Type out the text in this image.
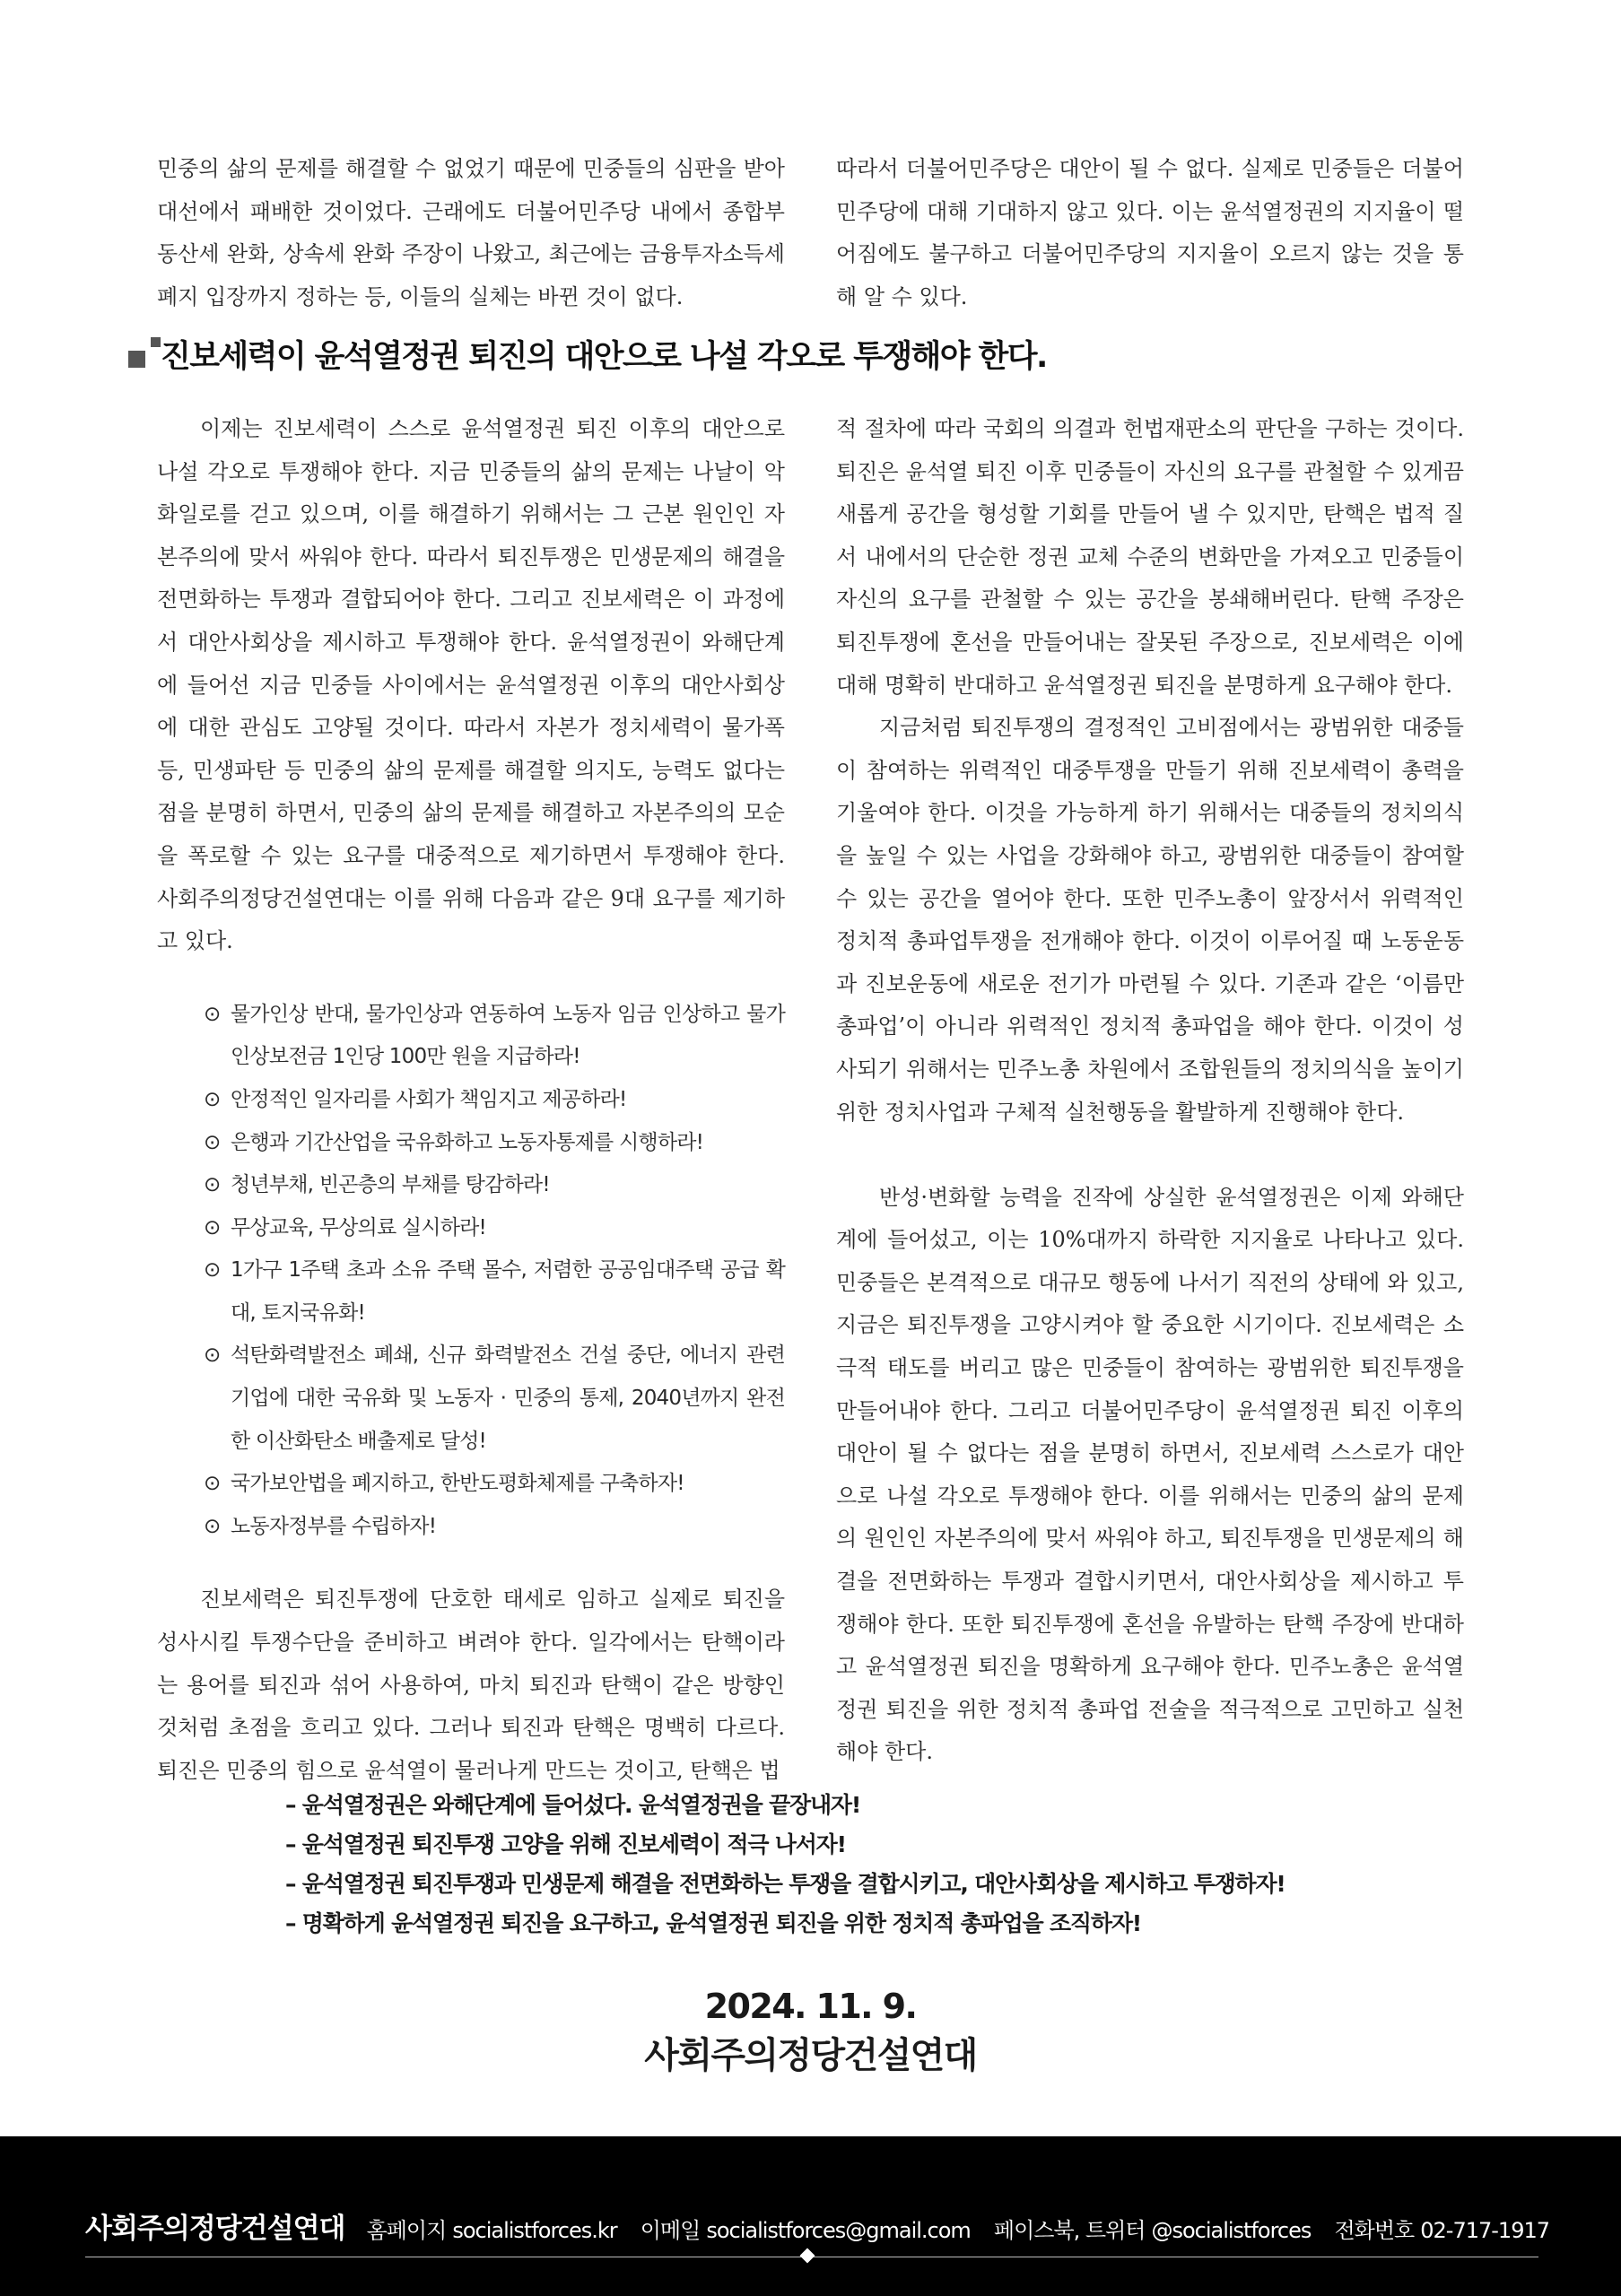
민중의 삶의 문제를 해결할 수 없었기 때문에 민중들의 심판을 받아 대선에서 패배한 것이었다. 근래에도 더불어민주당 내에서 종합부동산세 완화, 상속세 완화 주장이 나왔고, 최근에는 금융투자소득세 폐지 입장까지 정하는 등, 이들의 실체는 바뀐 것이 없다.

따라서 더불어민주당은 대안이 될 수 없다. 실제로 민중들은 더불어민주당에 대해 기대하지 않고 있다. 이는 윤석열정권의 지지율이 떨어짐에도 불구하고 더불어민주당의 지지율이 오르지 않는 것을 통해 알 수 있다.

진보세력이 윤석열정권 퇴진의 대안으로 나설 각오로 투쟁해야 한다.

이제는 진보세력이 스스로 윤석열정권 퇴진 이후의 대안으로 나설 각오로 투쟁해야 한다. 지금 민중들의 삶의 문제는 나날이 악화일로를 걷고 있으며, 이를 해결하기 위해서는 그 근본 원인인 자본주의에 맞서 싸워야 한다. 따라서 퇴진투쟁은 민생문제의 해결을 전면화하는 투쟁과 결합되어야 한다. 그리고 진보세력은 이 과정에서 대안사회상을 제시하고 투쟁해야 한다. 윤석열정권이 와해단계에 들어선 지금 민중들 사이에서는 윤석열정권 이후의 대안사회상에 대한 관심도 고양될 것이다. 따라서 자본가 정치세력이 물가폭등, 민생파탄 등 민중의 삶의 문제를 해결할 의지도, 능력도 없다는 점을 분명히 하면서, 민중의 삶의 문제를 해결하고 자본주의의 모순을 폭로할 수 있는 요구를 대중적으로 제기하면서 투쟁해야 한다. 사회주의정당건설연대는 이를 위해 다음과 같은 9대 요구를 제기하고 있다.

⊙ 물가인상 반대, 물가인상과 연동하여 노동자 임금 인상하고 물가인상보전금 1인당 100만 원을 지급하라!
⊙ 안정적인 일자리를 사회가 책임지고 제공하라!
⊙ 은행과 기간산업을 국유화하고 노동자통제를 시행하라!
⊙ 청년부채, 빈곤층의 부채를 탕감하라!
⊙ 무상교육, 무상의료 실시하라!
⊙ 1가구 1주택 초과 소유 주택 몰수, 저렴한 공공임대주택 공급 확대, 토지국유화!
⊙ 석탄화력발전소 폐쇄, 신규 화력발전소 건설 중단, 에너지 관련 기업에 대한 국유화 및 노동자 · 민중의 통제, 2040년까지 완전한 이산화탄소 배출제로 달성!
⊙ 국가보안법을 폐지하고, 한반도평화체제를 구축하자!
⊙ 노동자정부를 수립하자!

진보세력은 퇴진투쟁에 단호한 태세로 임하고 실제로 퇴진을 성사시킬 투쟁수단을 준비하고 벼려야 한다. 일각에서는 탄핵이라는 용어를 퇴진과 섞어 사용하여, 마치 퇴진과 탄핵이 같은 방향인 것처럼 초점을 흐리고 있다. 그러나 퇴진과 탄핵은 명백히 다르다. 퇴진은 민중의 힘으로 윤석열이 물러나게 만드는 것이고, 탄핵은 법

적 절차에 따라 국회의 의결과 헌법재판소의 판단을 구하는 것이다. 퇴진은 윤석열 퇴진 이후 민중들이 자신의 요구를 관철할 수 있게끔 새롭게 공간을 형성할 기회를 만들어 낼 수 있지만, 탄핵은 법적 질서 내에서의 단순한 정권 교체 수준의 변화만을 가져오고 민중들이 자신의 요구를 관철할 수 있는 공간을 봉쇄해버린다. 탄핵 주장은 퇴진투쟁에 혼선을 만들어내는 잘못된 주장으로, 진보세력은 이에 대해 명확히 반대하고 윤석열정권 퇴진을 분명하게 요구해야 한다.

지금처럼 퇴진투쟁의 결정적인 고비점에서는 광범위한 대중들이 참여하는 위력적인 대중투쟁을 만들기 위해 진보세력이 총력을 기울여야 한다. 이것을 가능하게 하기 위해서는 대중들의 정치의식을 높일 수 있는 사업을 강화해야 하고, 광범위한 대중들이 참여할 수 있는 공간을 열어야 한다. 또한 민주노총이 앞장서서 위력적인 정치적 총파업투쟁을 전개해야 한다. 이것이 이루어질 때 노동운동과 진보운동에 새로운 전기가 마련될 수 있다. 기존과 같은 ‘이름만 총파업’이 아니라 위력적인 정치적 총파업을 해야 한다. 이것이 성사되기 위해서는 민주노총 차원에서 조합원들의 정치의식을 높이기 위한 정치사업과 구체적 실천행동을 활발하게 진행해야 한다.

반성·변화할 능력을 진작에 상실한 윤석열정권은 이제 와해단계에 들어섰고, 이는 10%대까지 하락한 지지율로 나타나고 있다. 민중들은 본격적으로 대규모 행동에 나서기 직전의 상태에 와 있고, 지금은 퇴진투쟁을 고양시켜야 할 중요한 시기이다. 진보세력은 소극적 태도를 버리고 많은 민중들이 참여하는 광범위한 퇴진투쟁을 만들어내야 한다. 그리고 더불어민주당이 윤석열정권 퇴진 이후의 대안이 될 수 없다는 점을 분명히 하면서, 진보세력 스스로가 대안으로 나설 각오로 투쟁해야 한다. 이를 위해서는 민중의 삶의 문제의 원인인 자본주의에 맞서 싸워야 하고, 퇴진투쟁을 민생문제의 해결을 전면화하는 투쟁과 결합시키면서, 대안사회상을 제시하고 투쟁해야 한다. 또한 퇴진투쟁에 혼선을 유발하는 탄핵 주장에 반대하고 윤석열정권 퇴진을 명확하게 요구해야 한다. 민주노총은 윤석열정권 퇴진을 위한 정치적 총파업 전술을 적극적으로 고민하고 실천해야 한다.

– 윤석열정권은 와해단계에 들어섰다. 윤석열정권을 끝장내자!
– 윤석열정권 퇴진투쟁 고양을 위해 진보세력이 적극 나서자!
– 윤석열정권 퇴진투쟁과 민생문제 해결을 전면화하는 투쟁을 결합시키고, 대안사회상을 제시하고 투쟁하자!
– 명확하게 윤석열정권 퇴진을 요구하고, 윤석열정권 퇴진을 위한 정치적 총파업을 조직하자!
2024. 11. 9.
사회주의정당건설연대
사회주의정당건설연대 홈페이지 socialistforces.kr 이메일 socialistforces@gmail.com 페이스북, 트위터 @socialistforces 전화번호 02-717-1917
